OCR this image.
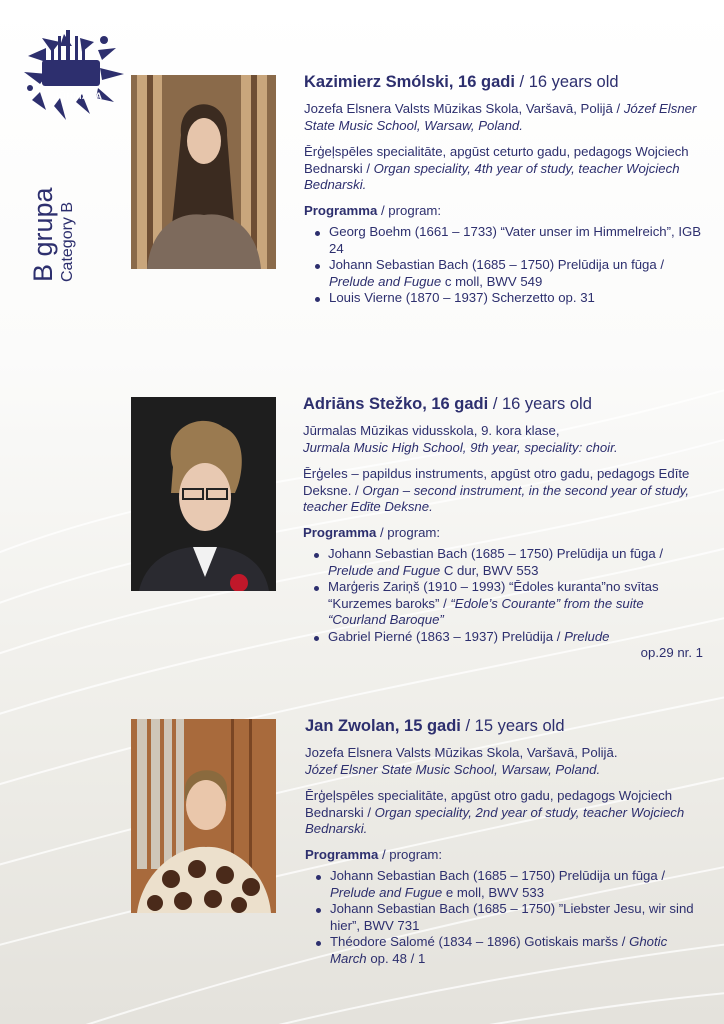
JŪRMALA
B grupa Category B
Kazimierz Smólski, 16 gadi / 16 years old
Jozefa Elsnera Valsts Mūzikas Skola, Varšavā, Polijā / Józef Elsner State Music School, Warsaw, Poland.
Ērģeļspēles specialitāte, apgūst ceturto gadu, pedagogs Wojciech Bednarski / Organ speciality, 4th year of study, teacher Wojciech Bednarski.
Programma / program:
Georg Boehm (1661 – 1733) “Vater unser im Himmelreich”, IGB 24
Johann Sebastian Bach (1685 – 1750) Prelūdija un fūga / Prelude and Fugue c moll, BWV 549
Louis Vierne (1870 – 1937) Scherzetto op. 31
Adriāns Stežko, 16 gadi / 16 years old
Jūrmalas Mūzikas vidusskola, 9. kora klase,
Jurmala Music High School, 9th year, speciality: choir.
Ērģeles – papildus instruments, apgūst otro gadu, pedagogs Edīte Deksne. / Organ – second instrument, in the second year of study, teacher Edīte Deksne.
Programma / program:
Johann Sebastian Bach (1685 – 1750) Prelūdija un fūga / Prelude and Fugue C dur, BWV 553
Marģeris Zariņš (1910 – 1993) “Ēdoles kuranta”no svītas “Kurzemes baroks” / “Edole’s Courante” from the suite “Courland Baroque”
Gabriel Pierné (1863 – 1937) Prelūdija / Prelude
op.29 nr. 1
Jan Zwolan, 15 gadi / 15 years old
Jozefa Elsnera Valsts Mūzikas Skola, Varšavā, Polijā.
Józef Elsner State Music School, Warsaw, Poland.
Ērģeļspēles specialitāte, apgūst otro gadu, pedagogs Wojciech Bednarski / Organ speciality, 2nd year of study, teacher Wojciech Bednarski.
Programma / program:
Johann Sebastian Bach (1685 – 1750) Prelūdija un fūga / Prelude and Fugue e moll, BWV 533
Johann Sebastian Bach (1685 – 1750) ”Liebster Jesu, wir sind hier”, BWV 731
Théodore Salomé (1834 – 1896) Gotiskais maršs / Ghotic March op. 48 / 1
